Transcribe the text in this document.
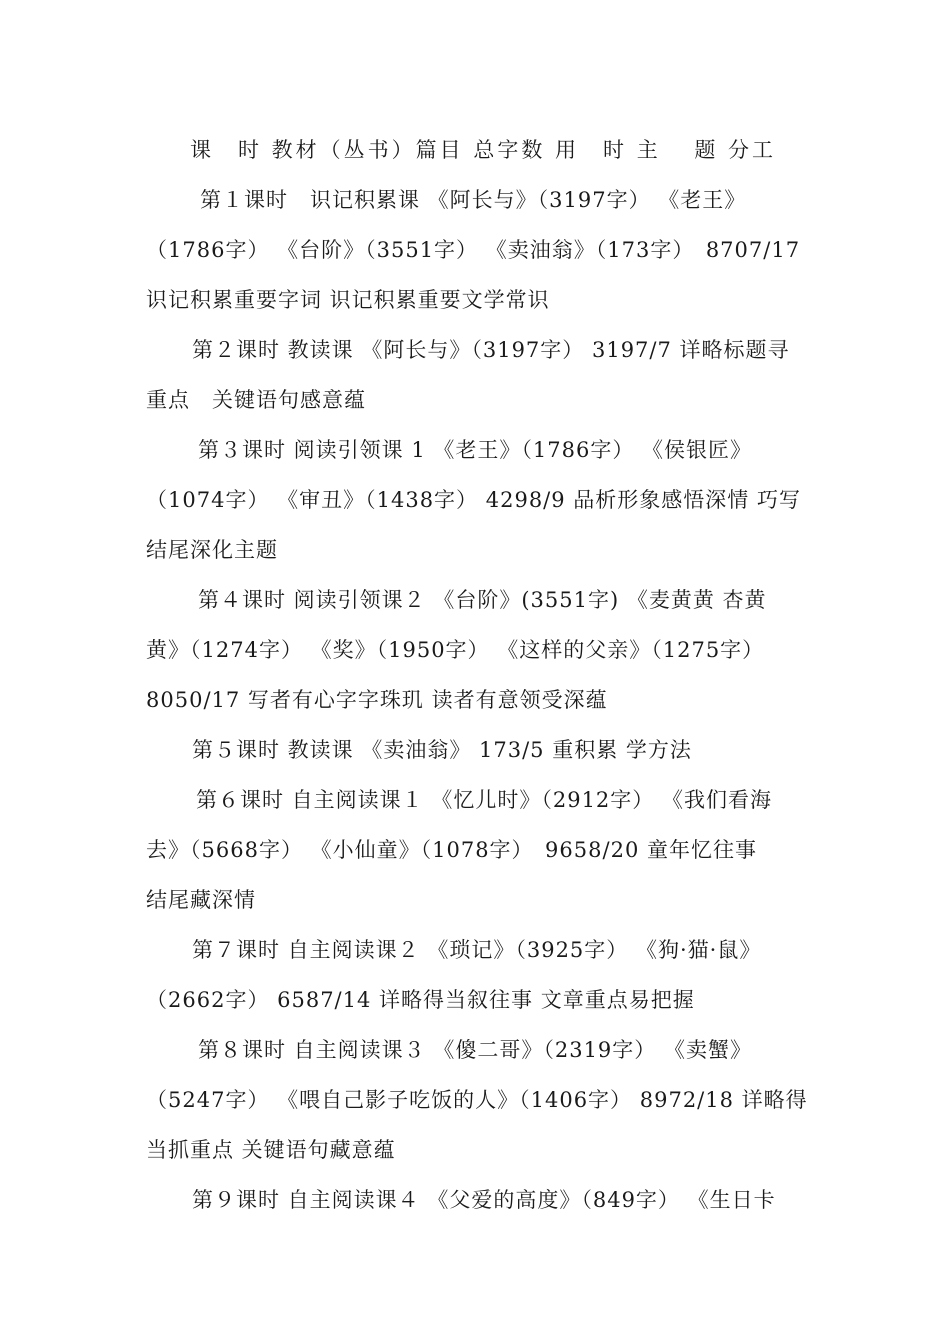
课　时 教材（丛书）篇目 总字数 用　时 主　 题 分工
第１课时　识记积累课 《阿长与》（3197字） 《老王》
（1786字） 《台阶》（3551字） 《卖油翁》（173字）　8707/17
识记积累重要字词 识记积累重要文学常识
第２课时 教读课 《阿长与》（3197字） 3197/7 详略标题寻
重点　关键语句感意蕴
第３课时 阅读引领课 1 《老王》（1786字） 《侯银匠》
（1074字） 《审丑》（1438字） 4298/9 品析形象感悟深情 巧写
结尾深化主题
第４课时 阅读引领课２ 《台阶》(3551字) 《麦黄黄 杏黄
黄》（1274字） 《奖》（1950字） 《这样的父亲》（1275字）
8050/17 写者有心字字珠玑 读者有意领受深蕴
第５课时 教读课 《卖油翁》 173/5 重积累 学方法
第６课时 自主阅读课１ 《忆儿时》（2912字） 《我们看海
去》（5668字） 《小仙童》（1078字）　9658/20 童年忆往事
结尾藏深情
第７课时 自主阅读课２ 《琐记》（3925字） 《狗·猫·鼠》
（2662字） 6587/14 详略得当叙往事 文章重点易把握
第８课时 自主阅读课３ 《傻二哥》（2319字） 《卖蟹》
（5247字） 《喂自己影子吃饭的人》（1406字） 8972/18 详略得
当抓重点 关键语句藏意蕴
第９课时 自主阅读课４ 《父爱的高度》（849字） 《生日卡
